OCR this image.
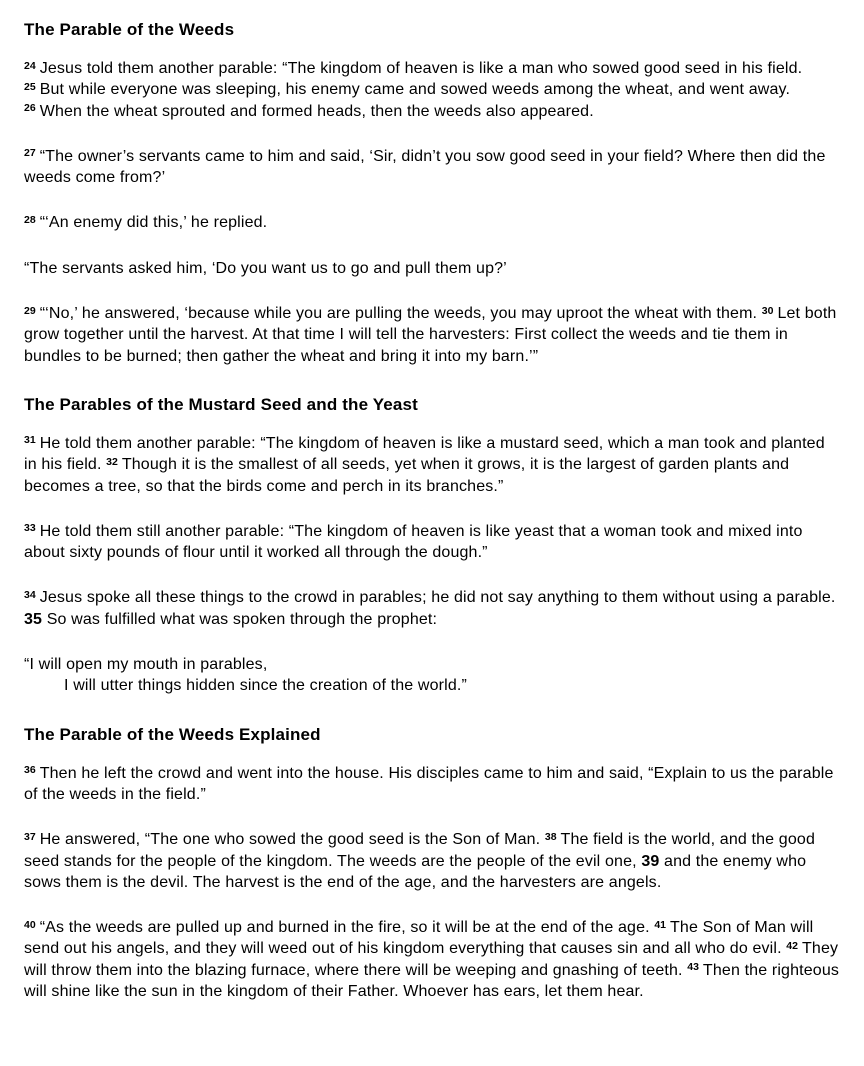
The Parable of the Weeds

$^{24}$ Jesus told them another parable: “The kingdom of heaven is like a man who sowed good seed in his field. $^{25}$ But while everyone was sleeping, his enemy came and sowed weeds among the wheat, and went away. $^{26}$ When the wheat sprouted and formed heads, then the weeds also appeared.

$^{27}$ “The owner’s servants came to him and said, ‘Sir, didn’t you sow good seed in your field? Where then did the weeds come from?’

$^{28}$ “‘An enemy did this,’ he replied.

“The servants asked him, ‘Do you want us to go and pull them up?’

$^{29}$ “‘No,’ he answered, ‘because while you are pulling the weeds, you may uproot the wheat with them. $^{30}$ Let both grow together until the harvest. At that time I will tell the harvesters: First collect the weeds and tie them in bundles to be burned; then gather the wheat and bring it into my barn.’”

The Parables of the Mustard Seed and the Yeast

$^{31}$ He told them another parable: “The kingdom of heaven is like a mustard seed, which a man took and planted in his field. $^{32}$ Though it is the smallest of all seeds, yet when it grows, it is the largest of garden plants and becomes a tree, so that the birds come and perch in its branches.”

$^{33}$ He told them still another parable: “The kingdom of heaven is like yeast that a woman took and mixed into about sixty pounds of flour until it worked all through the dough.”

$^{34}$ Jesus spoke all these things to the crowd in parables; he did not say anything to them without using a parable. 35 So was fulfilled what was spoken through the prophet:

“I will open my mouth in parables,
I will utter things hidden since the creation of the world.”
The Parable of the Weeds Explained

$^{36}$ Then he left the crowd and went into the house. His disciples came to him and said, “Explain to us the parable of the weeds in the field.”

$^{37}$ He answered, “The one who sowed the good seed is the Son of Man. $^{38}$ The field is the world, and the good seed stands for the people of the kingdom. The weeds are the people of the evil one, 39 and the enemy who sows them is the devil. The harvest is the end of the age, and the harvesters are angels.

$^{40}$ “As the weeds are pulled up and burned in the fire, so it will be at the end of the age. $^{41}$ The Son of Man will send out his angels, and they will weed out of his kingdom everything that causes sin and all who do evil. $^{42}$ They will throw them into the blazing furnace, where there will be weeping and gnashing of teeth. $^{43}$ Then the righteous will shine like the sun in the kingdom of their Father. Whoever has ears, let them hear.
